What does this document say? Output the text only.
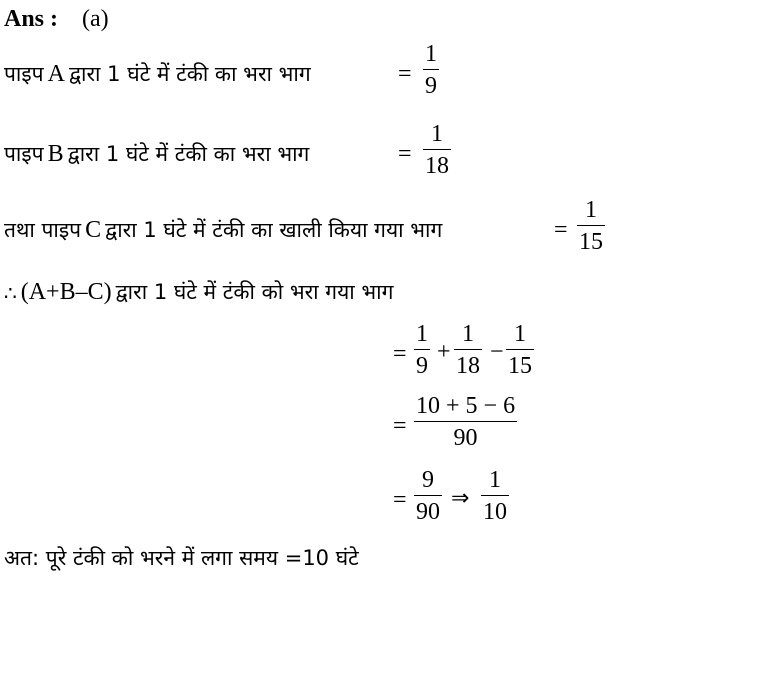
Ans : (a)
पाइप A द्वारा 1 घंटे में टंकी का भरा भाग	=
1
9
पाइप B द्वारा 1 घंटे में टंकी का भरा भाग	=
1
18
तथा पाइप C द्वारा 1 घंटे में टंकी का खाली किया गया भाग	=
1
15
∴ (A+B–C) द्वारा 1 घंटे में टंकी को भरा गया भाग
=
1
9
+
1
18
−
1
15
=
10 + 5 − 6
90
=
9
90
⇒
1
10
अत: पूरे टंकी को भरने में लगा समय =10 घंटे
